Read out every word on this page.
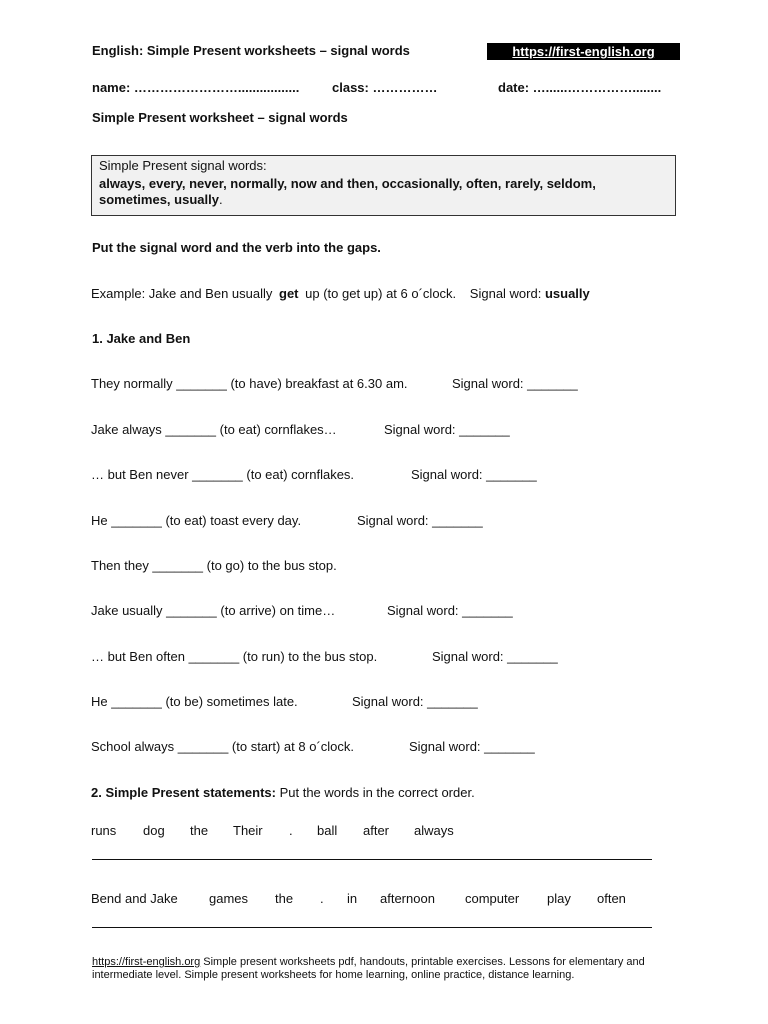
English: Simple Present worksheets – signal words	https://first-english.org
name: …………………….................	class: ……………	date: …......……………........
Simple Present worksheet – signal words
Simple Present signal words:
always, every, never, normally, now and then, occasionally, often, rarely, seldom, sometimes, usually.
Put the signal word and the verb into the gaps.
Example: Jake and Ben usually get up (to get up) at 6 o´clock. Signal word: usually
1. Jake and Ben
They normally _______ (to have) breakfast at 6.30 am.	Signal word: _______
Jake always _______ (to eat) cornflakes…	Signal word: _______
… but Ben never _______ (to eat) cornflakes.	Signal word: _______
He _______ (to eat) toast every day.	Signal word: _______
Then they _______ (to go) to the bus stop.
Jake usually _______ (to arrive) on time…	Signal word: _______
… but Ben often _______ (to run) to the bus stop.	Signal word: _______
He _______ (to be) sometimes late.	Signal word: _______
School always _______ (to start) at 8 o´clock.	Signal word: _______
2. Simple Present statements: Put the words in the correct order.
runs dog the Their . ball after always
Bend and Jake games the . in afternoon computer play often
https://first-english.org Simple present worksheets pdf, handouts, printable exercises. Lessons for elementary and intermediate level. Simple present worksheets for home learning, online practice, distance learning.
